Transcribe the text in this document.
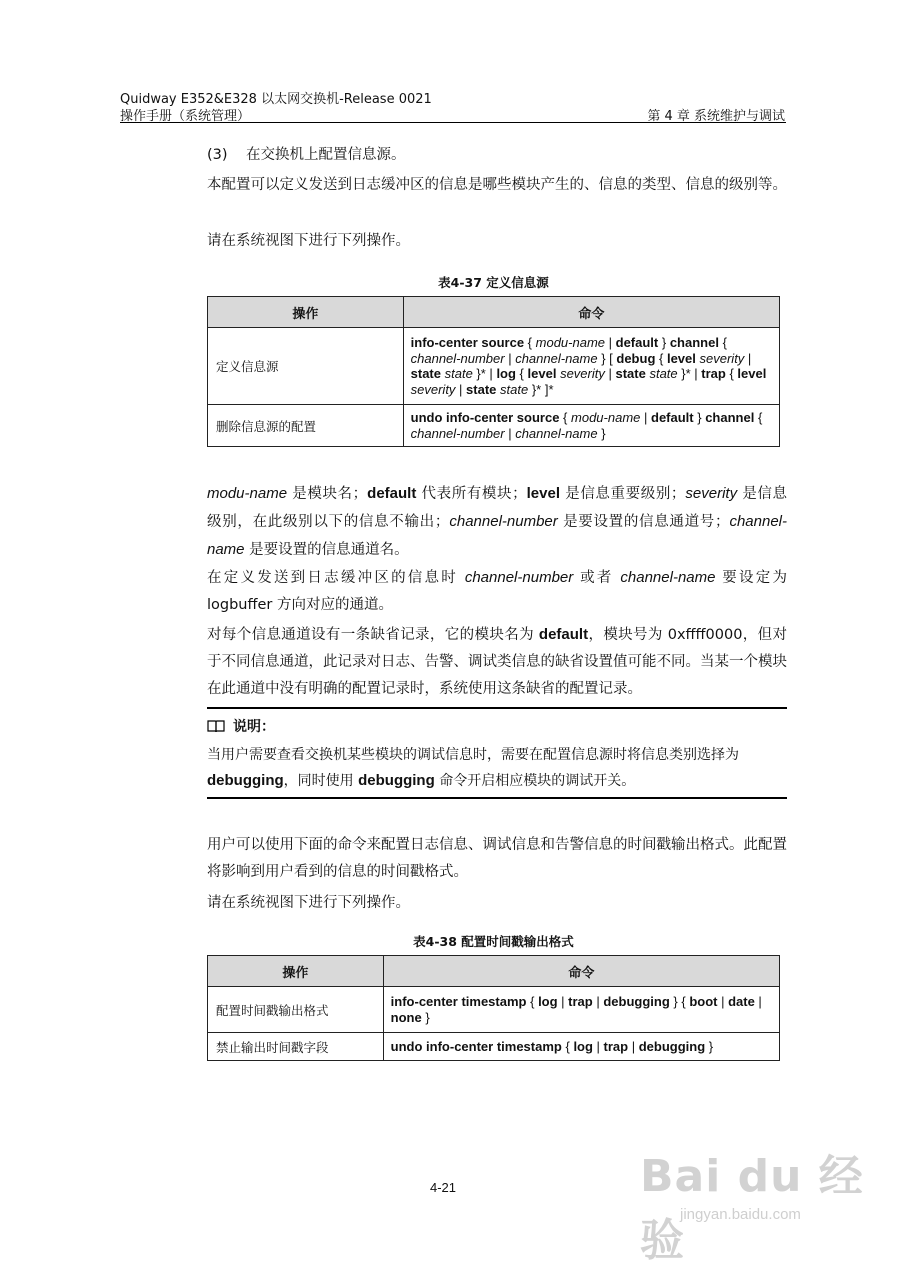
Quidway E352&E328 以太网交换机-Release 0021
操作手册（系统管理）	第 4 章 系统维护与调试
(3) 在交换机上配置信息源。
本配置可以定义发送到日志缓冲区的信息是哪些模块产生的、信息的类型、信息的级别等。
请在系统视图下进行下列操作。
表4-37 定义信息源
操作	命令
定义信息源	info-center source { modu-name | default } channel { channel-number | channel-name } [ debug { level severity | state state }* | log { level severity | state state }* | trap { level severity | state state }* ]*
删除信息源的配置	undo info-center source { modu-name | default } channel { channel-number | channel-name }
modu-name 是模块名；default 代表所有模块；level 是信息重要级别；severity 是信息级别，在此级别以下的信息不输出；channel-number 是要设置的信息通道号；channel-name 是要设置的信息通道名。
在定义发送到日志缓冲区的信息时 channel-number 或者 channel-name 要设定为 logbuffer 方向对应的通道。
对每个信息通道设有一条缺省记录，它的模块名为 default，模块号为 0xffff0000，但对于不同信息通道，此记录对日志、告警、调试类信息的缺省设置值可能不同。当某一个模块在此通道中没有明确的配置记录时，系统使用这条缺省的配置记录。
说明：
当用户需要查看交换机某些模块的调试信息时，需要在配置信息源时将信息类别选择为 debugging，同时使用 debugging 命令开启相应模块的调试开关。
用户可以使用下面的命令来配置日志信息、调试信息和告警信息的时间戳输出格式。此配置将影响到用户看到的信息的时间戳格式。
请在系统视图下进行下列操作。
表4-38 配置时间戳输出格式
操作	命令
配置时间戳输出格式	info-center timestamp { log | trap | debugging } { boot | date | none }
禁止输出时间戳字段	undo info-center timestamp { log | trap | debugging }
4-21	Bai du 经验
jingyan.baidu.com
